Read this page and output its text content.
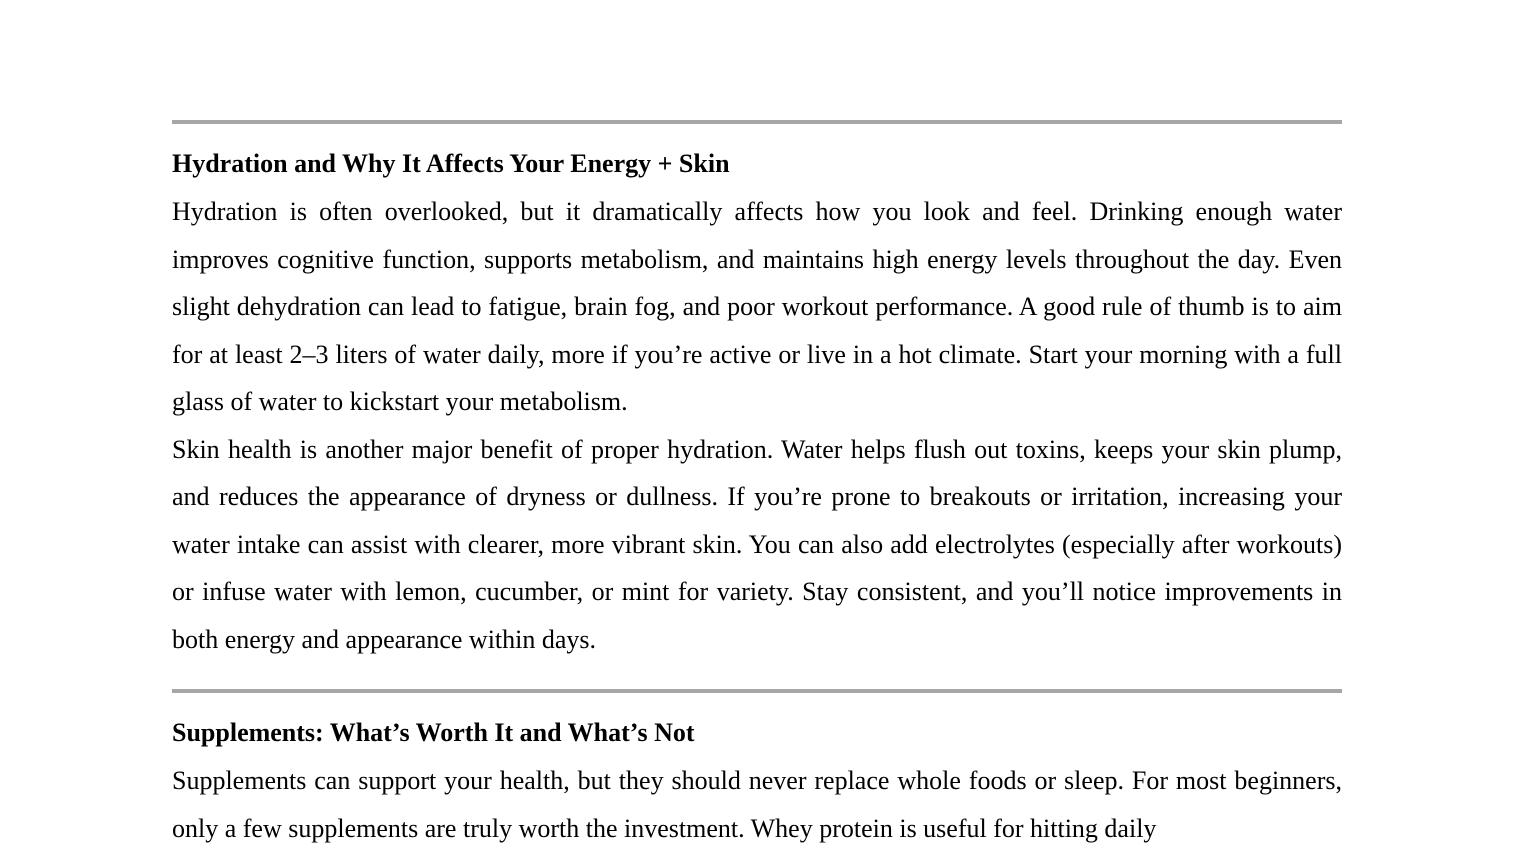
Hydration and Why It Affects Your Energy + Skin

Hydration is often overlooked, but it dramatically affects how you look and feel. Drinking enough water improves cognitive function, supports metabolism, and maintains high energy levels throughout the day. Even slight dehydration can lead to fatigue, brain fog, and poor workout performance. A good rule of thumb is to aim for at least 2–3 liters of water daily, more if you’re active or live in a hot climate. Start your morning with a full glass of water to kickstart your metabolism.

Skin health is another major benefit of proper hydration. Water helps flush out toxins, keeps your skin plump, and reduces the appearance of dryness or dullness. If you’re prone to breakouts or irritation, increasing your water intake can assist with clearer, more vibrant skin. You can also add electrolytes (especially after workouts) or infuse water with lemon, cucumber, or mint for variety. Stay consistent, and you’ll notice improvements in both energy and appearance within days.

Supplements: What’s Worth It and What’s Not

Supplements can support your health, but they should never replace whole foods or sleep. For most beginners, only a few supplements are truly worth the investment. Whey protein is useful for hitting daily
